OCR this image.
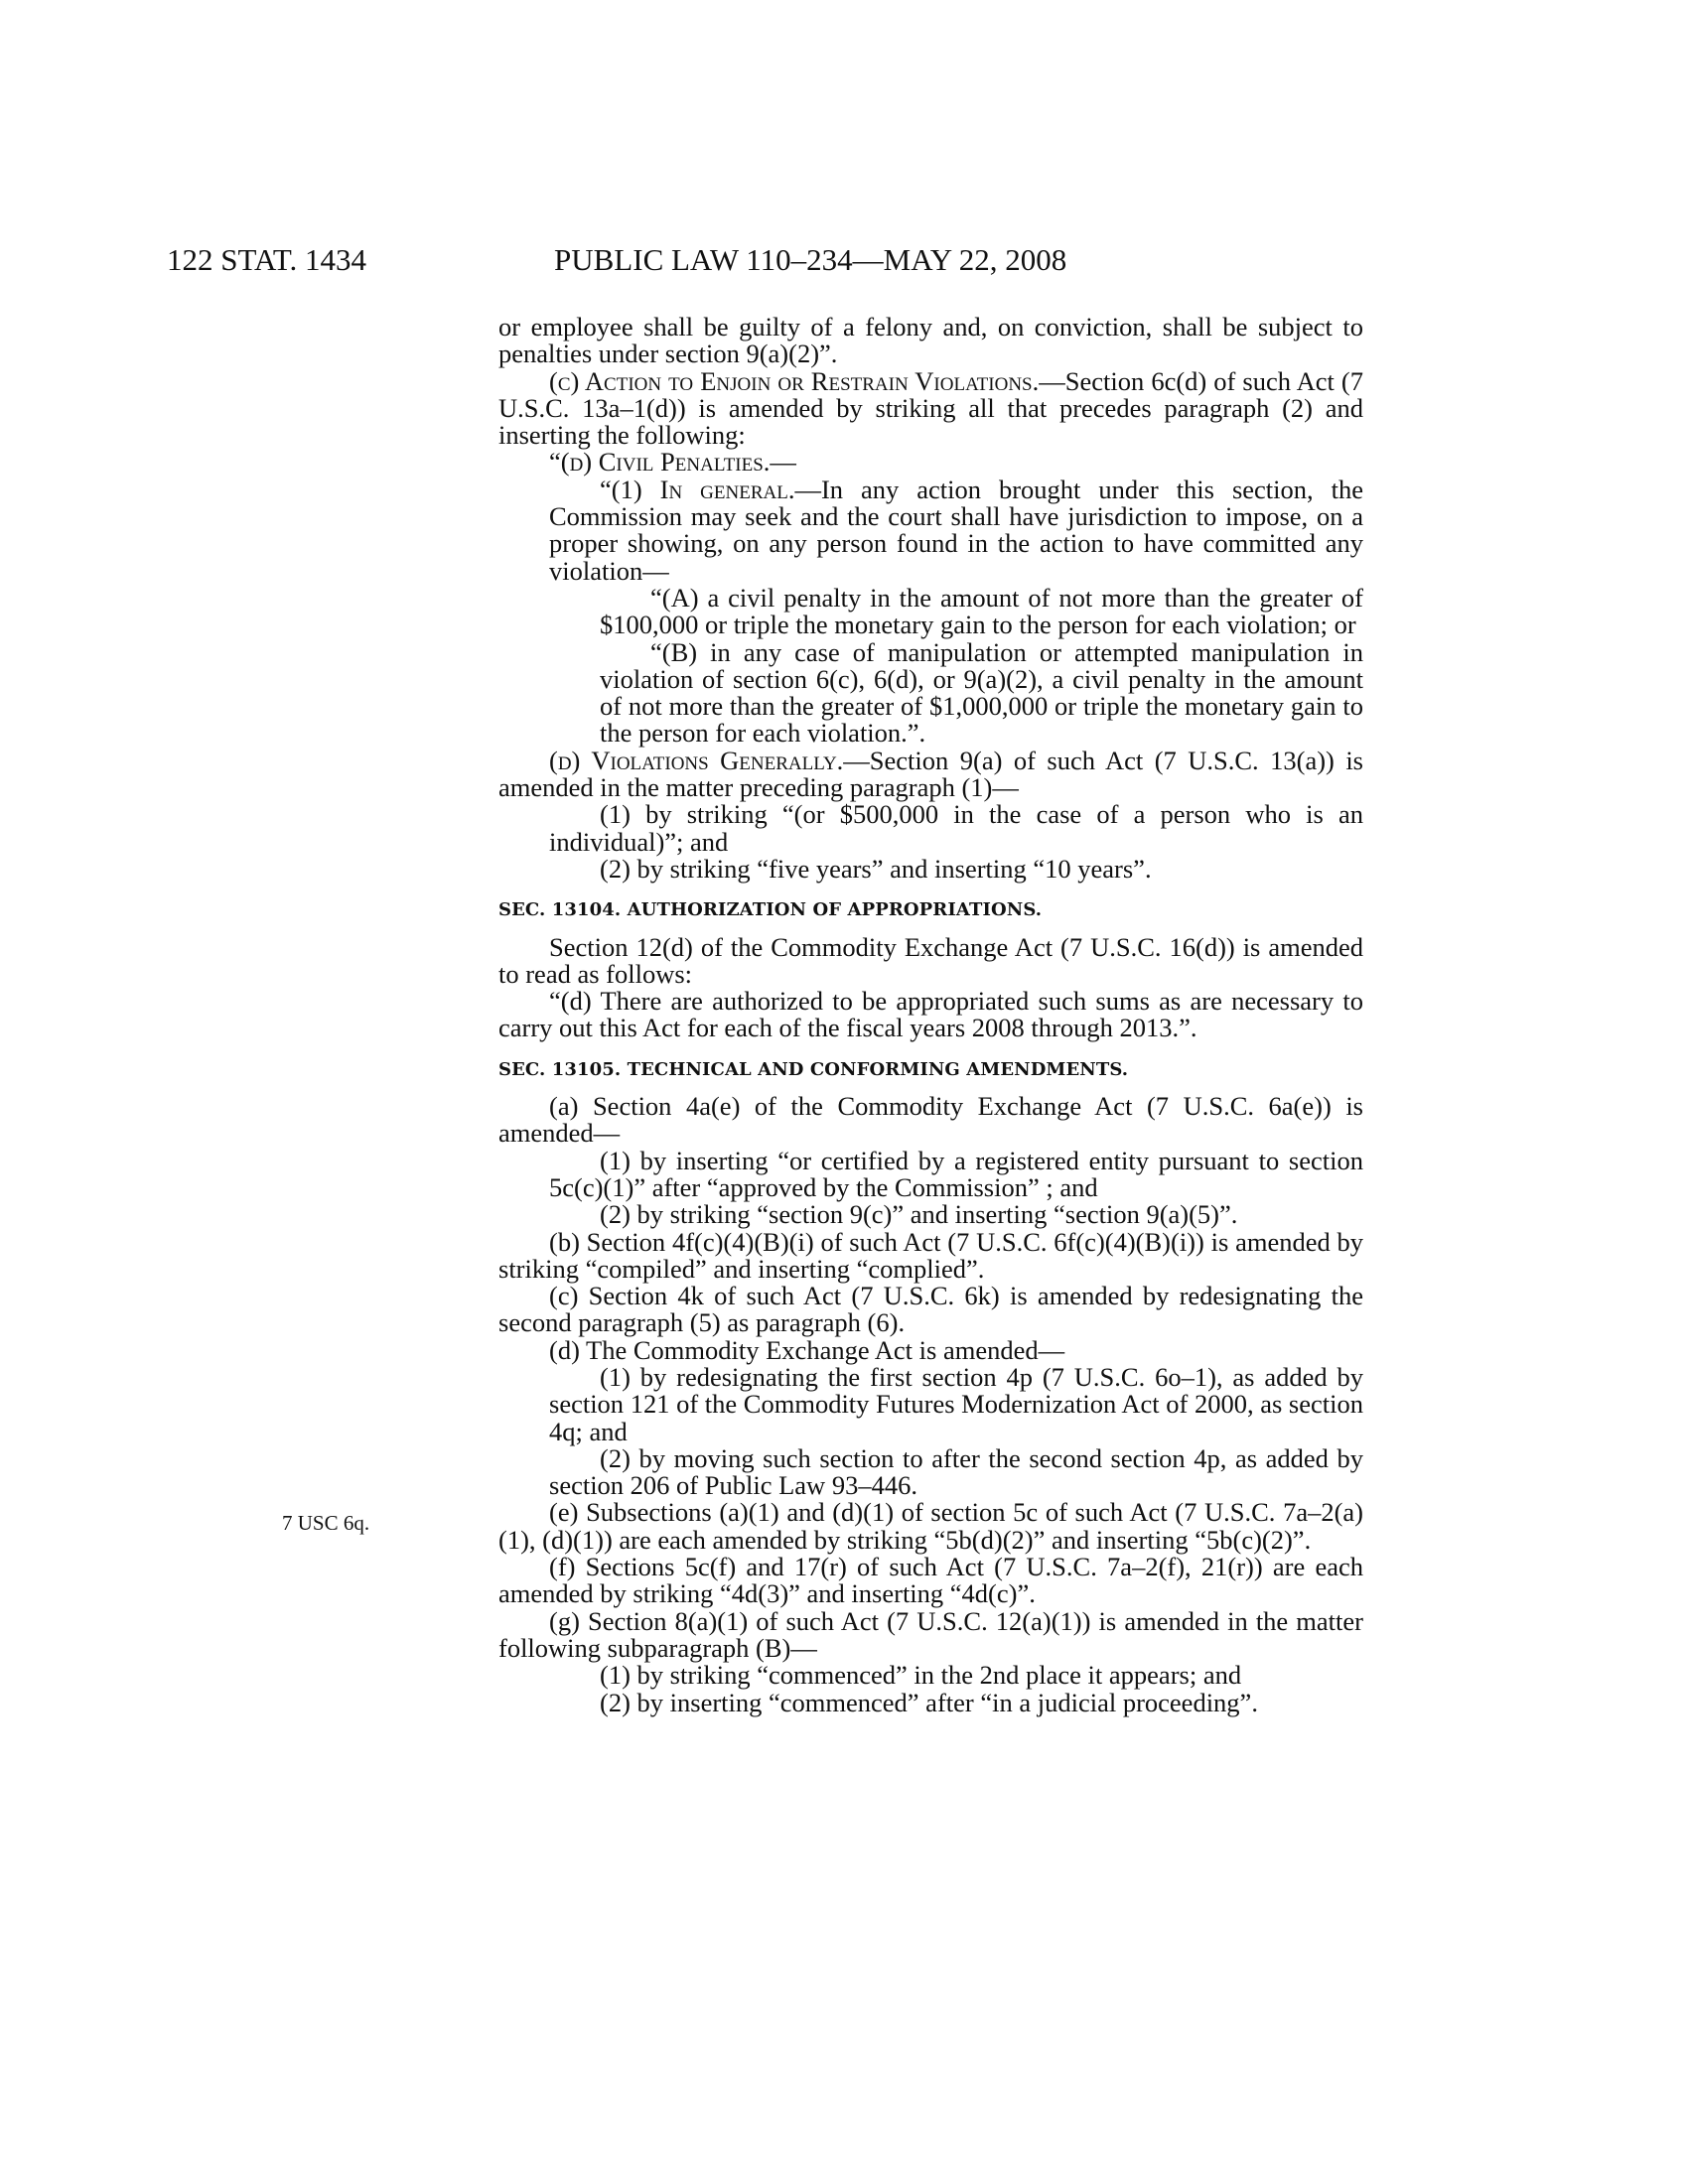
122 STAT. 1434	PUBLIC LAW 110–234—MAY 22, 2008
7 USC 6q.

or employee shall be guilty of a felony and, on conviction, shall be subject to penalties under section 9(a)(2)”.

(c) Action to Enjoin or Restrain Violations.—Section 6c(d) of such Act (7 U.S.C. 13a–1(d)) is amended by striking all that precedes paragraph (2) and inserting the following:

“(d) Civil Penalties.—

“(1) In general.—In any action brought under this section, the Commission may seek and the court shall have jurisdiction to impose, on a proper showing, on any person found in the action to have committed any violation—

“(A) a civil penalty in the amount of not more than the greater of $100,000 or triple the monetary gain to the person for each violation; or

“(B) in any case of manipulation or attempted manipulation in violation of section 6(c), 6(d), or 9(a)(2), a civil penalty in the amount of not more than the greater of $1,000,000 or triple the monetary gain to the person for each violation.”.

(d) Violations Generally.—Section 9(a) of such Act (7 U.S.C. 13(a)) is amended in the matter preceding paragraph (1)—

(1) by striking “(or $500,000 in the case of a person who is an individual)”; and

(2) by striking “five years” and inserting “10 years”.

SEC. 13104. AUTHORIZATION OF APPROPRIATIONS.

Section 12(d) of the Commodity Exchange Act (7 U.S.C. 16(d)) is amended to read as follows:

“(d) There are authorized to be appropriated such sums as are necessary to carry out this Act for each of the fiscal years 2008 through 2013.”.

SEC. 13105. TECHNICAL AND CONFORMING AMENDMENTS.

(a) Section 4a(e) of the Commodity Exchange Act (7 U.S.C. 6a(e)) is amended—

(1) by inserting “or certified by a registered entity pursuant to section 5c(c)(1)” after “approved by the Commission” ; and

(2) by striking “section 9(c)” and inserting “section 9(a)(5)”.

(b) Section 4f(c)(4)(B)(i) of such Act (7 U.S.C. 6f(c)(4)(B)(i)) is amended by striking “compiled” and inserting “complied”.

(c) Section 4k of such Act (7 U.S.C. 6k) is amended by redesignating the second paragraph (5) as paragraph (6).

(d) The Commodity Exchange Act is amended—

(1) by redesignating the first section 4p (7 U.S.C. 6o–1), as added by section 121 of the Commodity Futures Modernization Act of 2000, as section 4q; and

(2) by moving such section to after the second section 4p, as added by section 206 of Public Law 93–446.

(e) Subsections (a)(1) and (d)(1) of section 5c of such Act (7 U.S.C. 7a–2(a)(1), (d)(1)) are each amended by striking “5b(d)(2)” and inserting “5b(c)(2)”.

(f) Sections 5c(f) and 17(r) of such Act (7 U.S.C. 7a–2(f), 21(r)) are each amended by striking “4d(3)” and inserting “4d(c)”.

(g) Section 8(a)(1) of such Act (7 U.S.C. 12(a)(1)) is amended in the matter following subparagraph (B)—

(1) by striking “commenced” in the 2nd place it appears; and

(2) by inserting “commenced” after “in a judicial proceeding”.
